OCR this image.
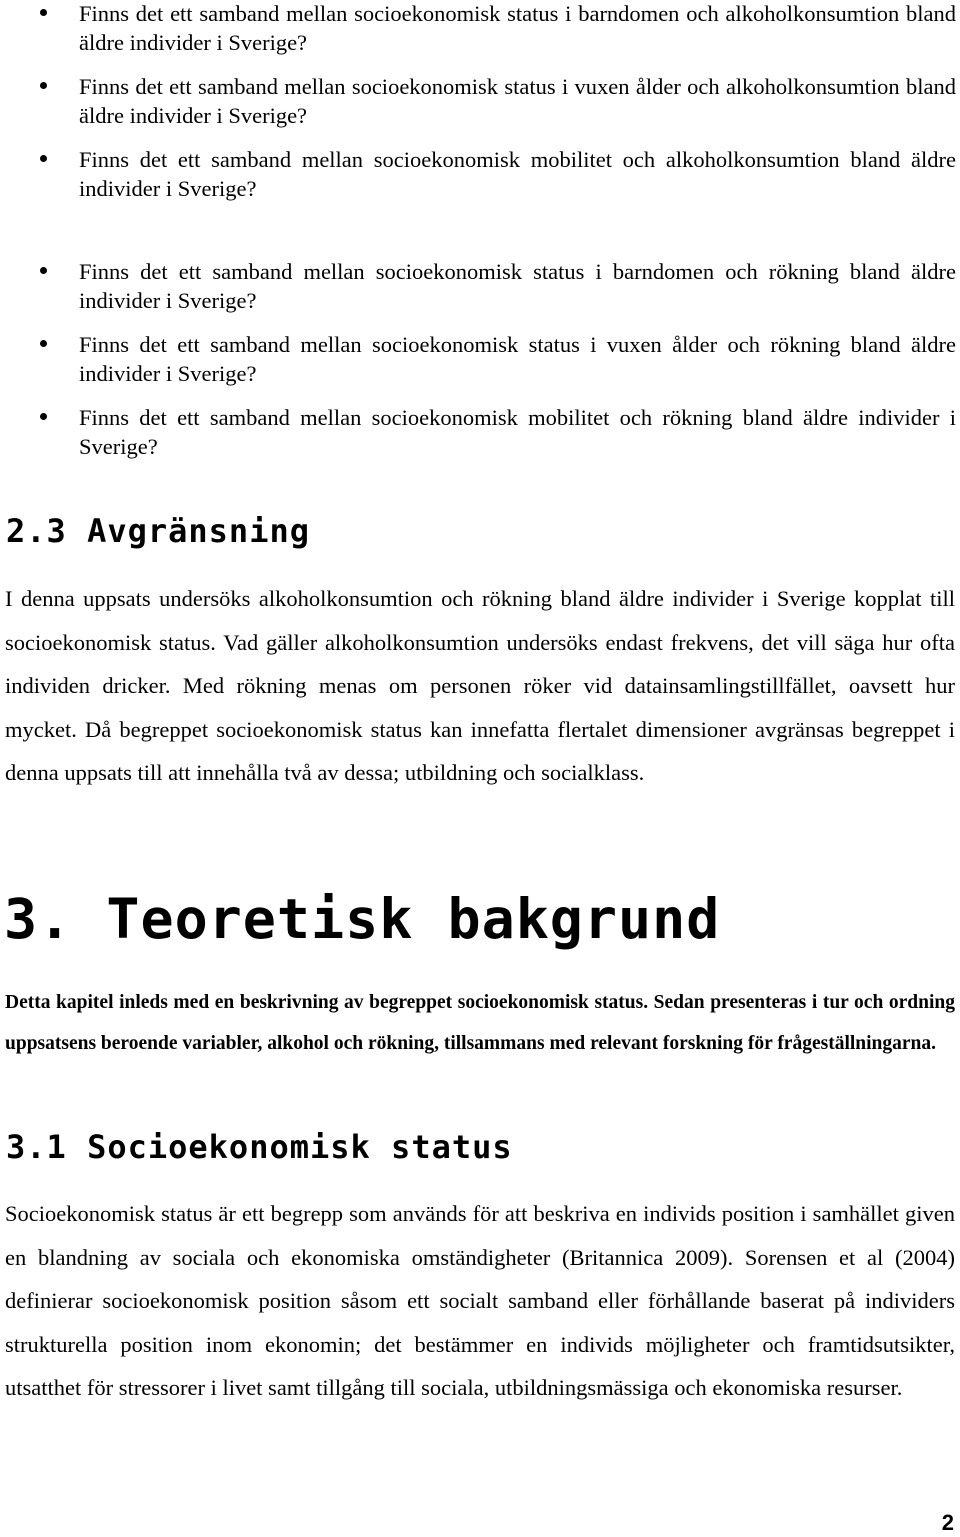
Finns det ett samband mellan socioekonomisk status i barndomen och alkoholkonsumtion bland äldre individer i Sverige?
Finns det ett samband mellan socioekonomisk status i vuxen ålder och alkoholkonsumtion bland äldre individer i Sverige?
Finns det ett samband mellan socioekonomisk mobilitet och alkoholkonsumtion bland äldre individer i Sverige?
Finns det ett samband mellan socioekonomisk status i barndomen och rökning bland äldre individer i Sverige?
Finns det ett samband mellan socioekonomisk status i vuxen ålder och rökning bland äldre individer i Sverige?
Finns det ett samband mellan socioekonomisk mobilitet och rökning bland äldre individer i Sverige?
2.3 Avgränsning

I denna uppsats undersöks alkoholkonsumtion och rökning bland äldre individer i Sverige kopplat till socioekonomisk status. Vad gäller alkoholkonsumtion undersöks endast frekvens, det vill säga hur ofta individen dricker. Med rökning menas om personen röker vid datainsamlingstillfället, oavsett hur mycket. Då begreppet socioekonomisk status kan innefatta flertalet dimensioner avgränsas begreppet i denna uppsats till att innehålla två av dessa; utbildning och socialklass.

3. Teoretisk bakgrund

Detta kapitel inleds med en beskrivning av begreppet socioekonomisk status. Sedan presenteras i tur och ordning uppsatsens beroende variabler, alkohol och rökning, tillsammans med relevant forskning för frågeställningarna.

3.1 Socioekonomisk status

Socioekonomisk status är ett begrepp som används för att beskriva en individs position i samhället given en blandning av sociala och ekonomiska omständigheter (Britannica 2009). Sorensen et al (2004) definierar socioekonomisk position såsom ett socialt samband eller förhållande baserat på individers strukturella position inom ekonomin; det bestämmer en individs möjligheter och framtidsutsikter, utsatthet för stressorer i livet samt tillgång till sociala, utbildningsmässiga och ekonomiska resurser.

2
